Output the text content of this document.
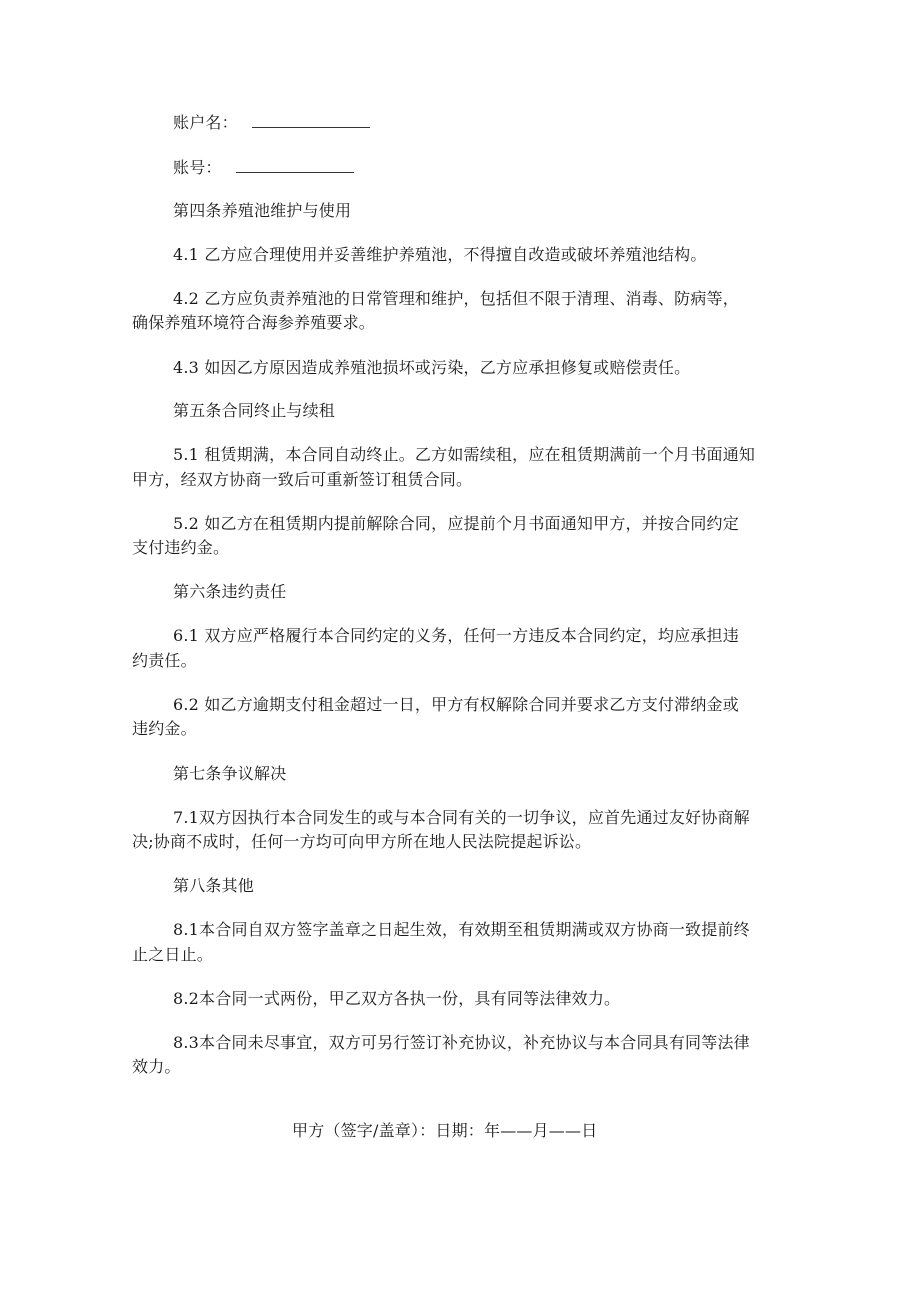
账户名：
账号：
第四条养殖池维护与使用
4.1 乙方应合理使用并妥善维护养殖池，不得擅自改造或破坏养殖池结构。
4.2 乙方应负责养殖池的日常管理和维护，包括但不限于清理、消毒、防病等，
确保养殖环境符合海参养殖要求。
4.3 如因乙方原因造成养殖池损坏或污染，乙方应承担修复或赔偿责任。
第五条合同终止与续租
5.1 租赁期满，本合同自动终止。乙方如需续租，应在租赁期满前一个月书面通知
甲方，经双方协商一致后可重新签订租赁合同。
5.2 如乙方在租赁期内提前解除合同，应提前个月书面通知甲方，并按合同约定
支付违约金。
第六条违约责任
6.1 双方应严格履行本合同约定的义务，任何一方违反本合同约定，均应承担违
约责任。
6.2 如乙方逾期支付租金超过一日，甲方有权解除合同并要求乙方支付滞纳金或
违约金。
第七条争议解决
7.1双方因执行本合同发生的或与本合同有关的一切争议，应首先通过友好协商解
决;协商不成时，任何一方均可向甲方所在地人民法院提起诉讼。
第八条其他
8.1本合同自双方签字盖章之日起生效，有效期至租赁期满或双方协商一致提前终
止之日止。
8.2本合同一式两份，甲乙双方各执一份，具有同等法律效力。
8.3本合同未尽事宜，双方可另行签订补充协议，补充协议与本合同具有同等法律
效力。
甲方（签字/盖章）：日期：年——月——日
